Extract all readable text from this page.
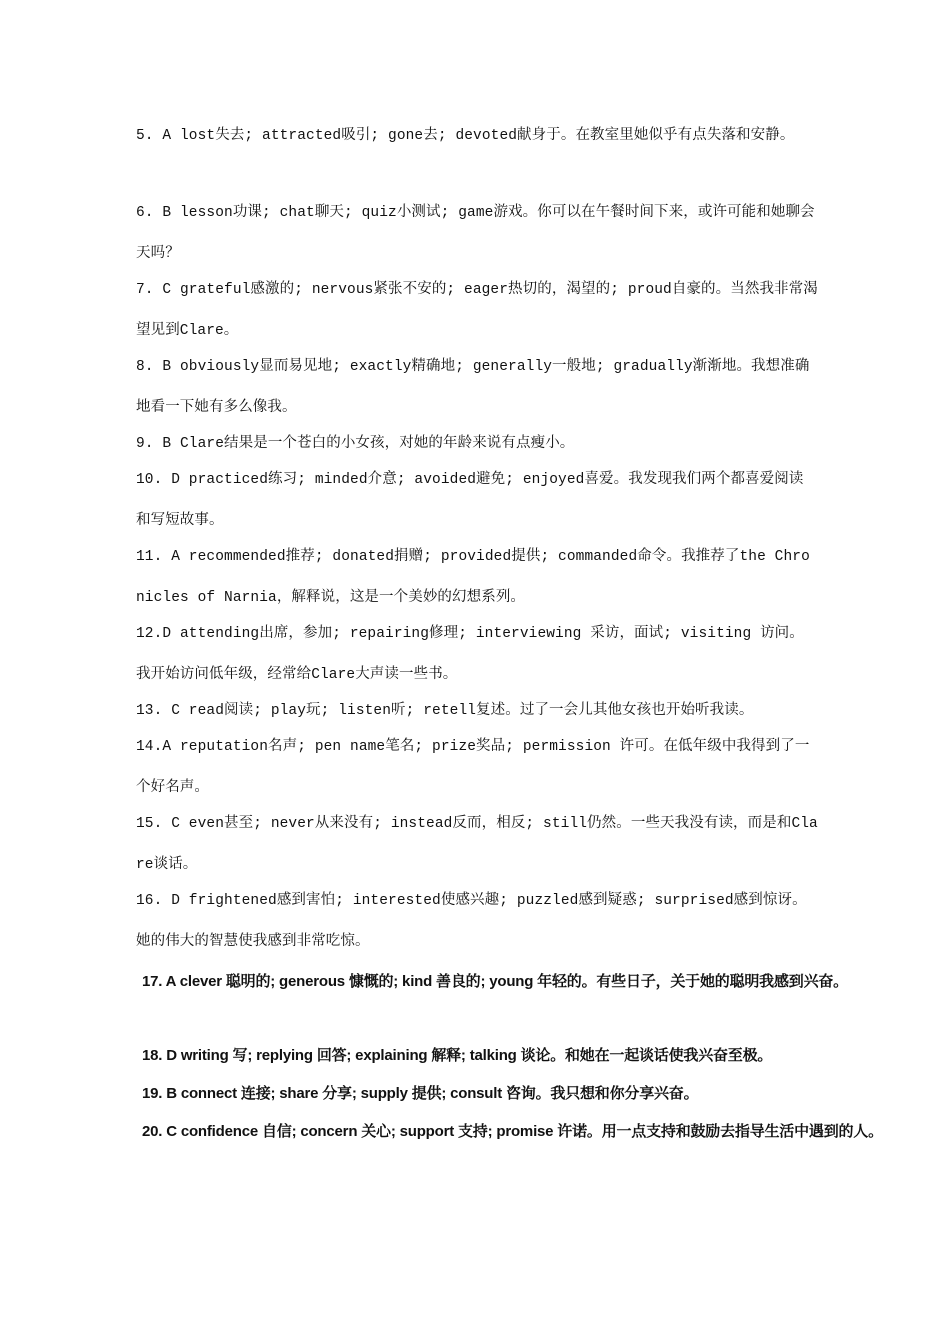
5. A lost失去; attracted吸引; gone去; devoted献身于。在教室里她似乎有点失落和安静。
6. B lesson功课; chat聊天; quiz小测试; game游戏。你可以在午餐时间下来，或许可能和她聊会天吗？
7. C grateful感激的; nervous紧张不安的; eager热切的，渴望的; proud自豪的。当然我非常渴望见到Clare。
8. B obviously显而易见地; exactly精确地; generally一般地; gradually渐渐地。我想准确地看一下她有多么像我。
9. B Clare结果是一个苍白的小女孩，对她的年龄来说有点瘦小。
10. D practiced练习; minded介意; avoided避免; enjoyed喜爱。我发现我们两个都喜爱阅读和写短故事。
11. A recommended推荐; donated捐赠; provided提供; commanded命令。我推荐了the Chronicles of Narnia，解释说，这是一个美妙的幻想系列。
12.D attending出席，参加; repairing修理; interviewing 采访，面试; visiting 访问。我开始访问低年级，经常给Clare大声读一些书。
13. C read阅读; play玩; listen听; retell复述。过了一会儿其他女孩也开始听我读。
14.A reputation名声; pen name笔名; prize奖品; permission 许可。在低年级中我得到了一个好名声。
15. C even甚至; never从来没有; instead反而，相反; still仍然。一些天我没有读，而是和Clare谈话。
16. D frightened感到害怕; interested使感兴趣; puzzled感到疑惑; surprised感到惊讶。她的伟大的智慧使我感到非常吃惊。
17. A clever 聪明的; generous 慷慨的; kind 善良的; young 年轻的。有些日子，关于她的聪明我感到兴奋。
18. D writing 写; replying 回答; explaining 解释; talking 谈论。和她在一起谈话使我兴奋至极。
19. B connect 连接; share 分享; supply 提供; consult 咨询。我只想和你分享兴奋。
20. C confidence 自信; concern 关心; support 支持; promise 许诺。用一点支持和鼓励去指导生活中遇到的人。
